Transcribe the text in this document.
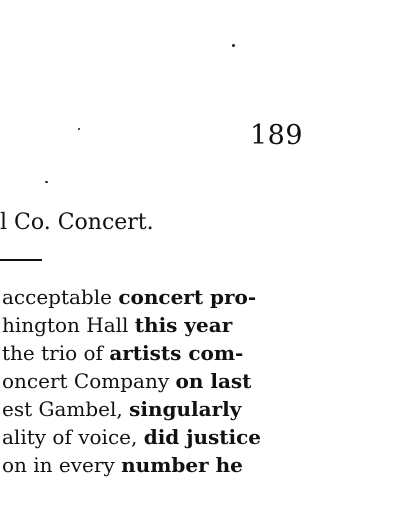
189
l Co. Concert.
acceptable concert pro-
hington Hall this year
the trio of artists com-
oncert Company on last
est Gambel, singularly
ality of voice, did justice
on in every number he
